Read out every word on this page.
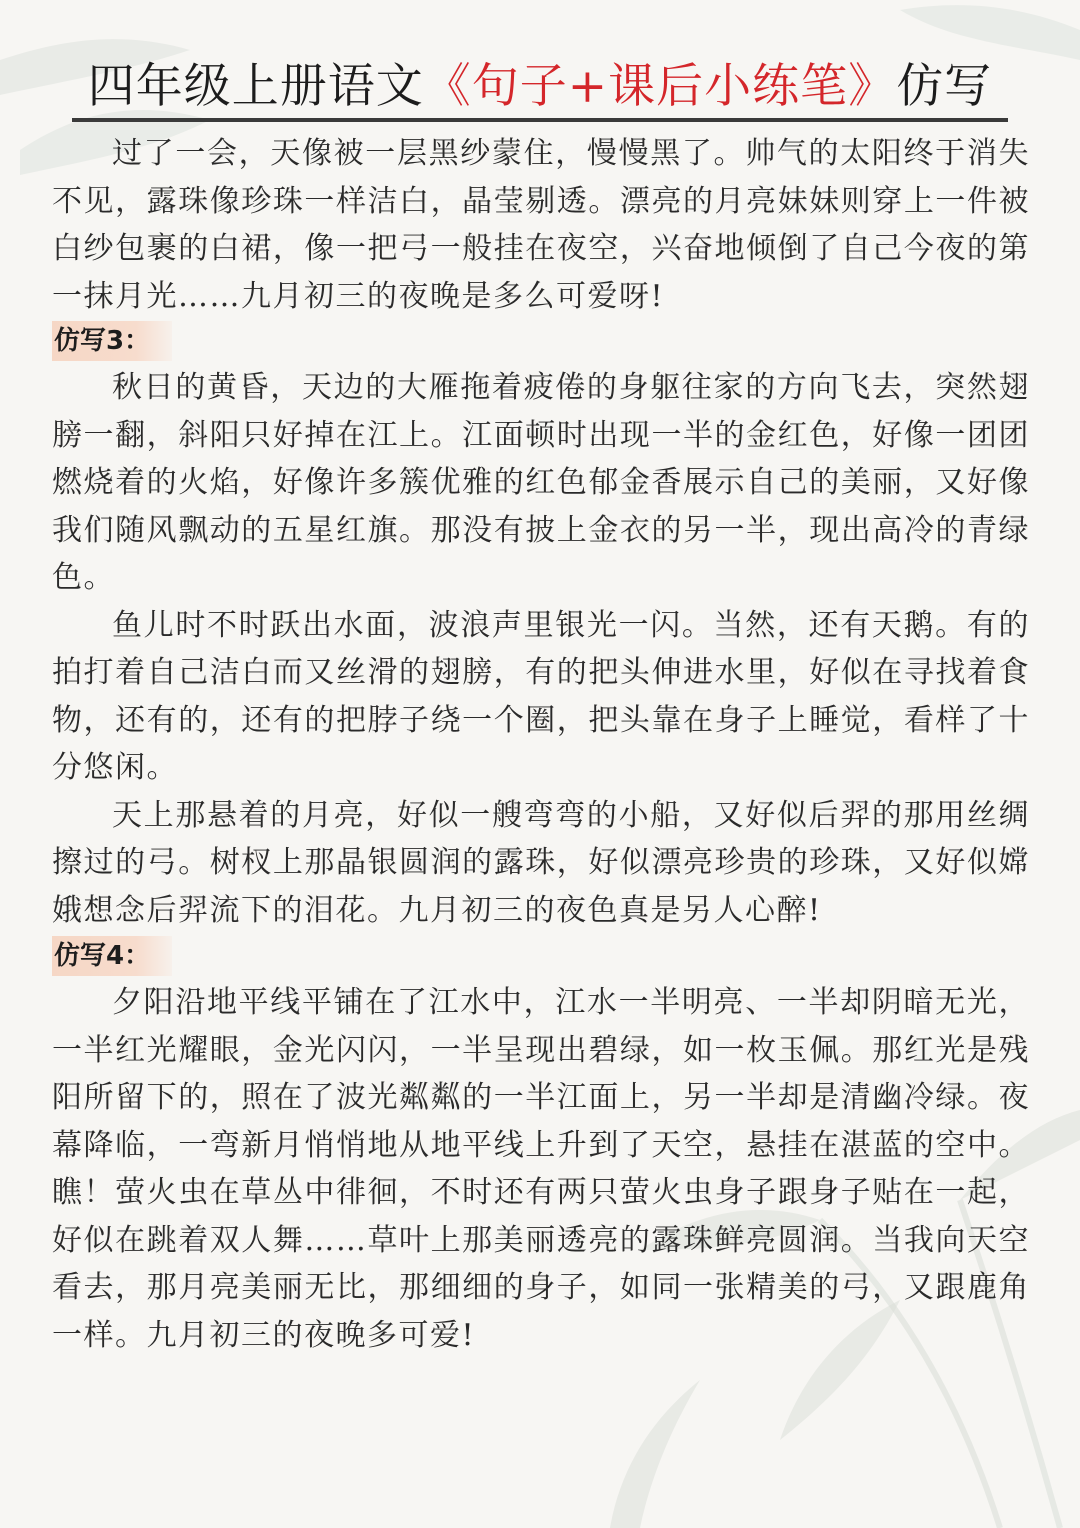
四年级上册语文《句子+课后小练笔》仿写

过了一会，天像被一层黑纱蒙住，慢慢黑了。帅气的太阳终于消失不见，露珠像珍珠一样洁白，晶莹剔透。漂亮的月亮妹妹则穿上一件被白纱包裹的白裙，像一把弓一般挂在夜空，兴奋地倾倒了自己今夜的第一抹月光……九月初三的夜晚是多么可爱呀!

仿写3：

秋日的黄昏，天边的大雁拖着疲倦的身躯往家的方向飞去，突然翅膀一翻，斜阳只好掉在江上。江面顿时出现一半的金红色，好像一团团燃烧着的火焰，好像许多簇优雅的红色郁金香展示自己的美丽，又好像我们随风飘动的五星红旗。那没有披上金衣的另一半，现出高冷的青绿色。

鱼儿时不时跃出水面，波浪声里银光一闪。当然，还有天鹅。有的拍打着自己洁白而又丝滑的翅膀，有的把头伸进水里，好似在寻找着食物，还有的，还有的把脖子绕一个圈，把头靠在身子上睡觉，看样了十分悠闲。

天上那悬着的月亮，好似一艘弯弯的小船，又好似后羿的那用丝绸擦过的弓。树杈上那晶银圆润的露珠，好似漂亮珍贵的珍珠，又好似嫦娥想念后羿流下的泪花。九月初三的夜色真是另人心醉!

仿写4：

夕阳沿地平线平铺在了江水中，江水一半明亮、一半却阴暗无光，一半红光耀眼，金光闪闪，一半呈现出碧绿，如一枚玉佩。那红光是残阳所留下的，照在了波光粼粼的一半江面上，另一半却是清幽冷绿。夜幕降临，一弯新月悄悄地从地平线上升到了天空，悬挂在湛蓝的空中。瞧！萤火虫在草丛中徘徊，不时还有两只萤火虫身子跟身子贴在一起，好似在跳着双人舞……草叶上那美丽透亮的露珠鲜亮圆润。当我向天空看去，那月亮美丽无比，那细细的身子，如同一张精美的弓，又跟鹿角一样。九月初三的夜晚多可爱!
